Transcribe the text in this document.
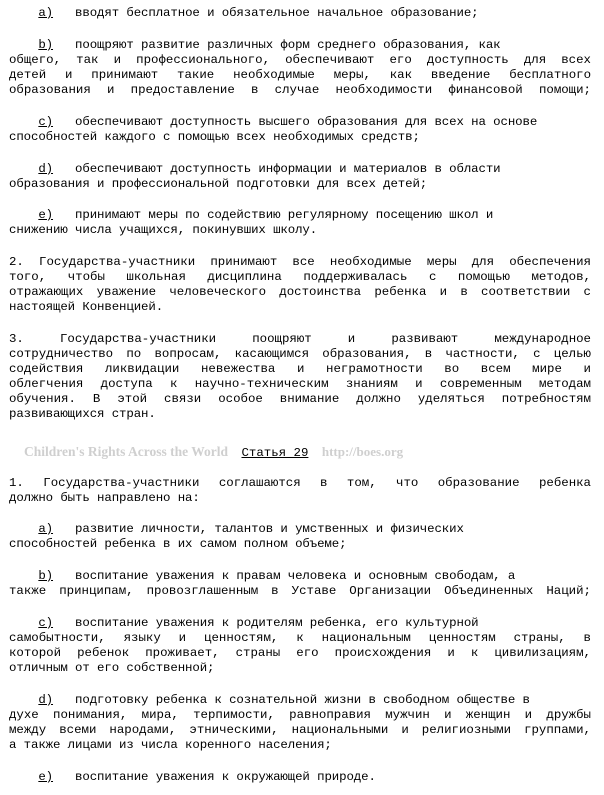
a) вводят бесплатное и обязательное начальное образование;
b) поощряют развитие различных форм среднего образования, как
общего, так и профессионального, обеспечивают его доступность для всех
детей и принимают такие необходимые меры, как введение бесплатного
образования и предоставление в случае необходимости финансовой помощи;
c) обеспечивают доступность высшего образования для всех на основе
способностей каждого с помощью всех необходимых средств;
d) обеспечивают доступность информации и материалов в области
образования и профессиональной подготовки для всех детей;
e) принимают меры по содействию регулярному посещению школ и
снижению числа учащихся, покинувших школу.
2. Государства-участники принимают все необходимые меры для обеспечения
того, чтобы школьная дисциплина поддерживалась с помощью методов,
отражающих уважение человеческого достоинства ребенка и в соответствии с
настоящей Конвенцией.
3. Государства-участники поощряют и развивают международное
сотрудничество по вопросам, касающимся образования, в частности, с целью
содействия ликвидации невежества и неграмотности во всем мире и
облегчения доступа к научно-техническим знаниям и современным методам
обучения. В этой связи особое внимание должно уделяться потребностям
развивающихся стран.
Children's Rights Across the World Статья 29 http://boes.org
1. Государства-участники соглашаются в том, что образование ребенка
должно быть направлено на:
a) развитие личности, талантов и умственных и физических
способностей ребенка в их самом полном объеме;
b) воспитание уважения к правам человека и основным свободам, а
также принципам, провозглашенным в Уставе Организации Объединенных Наций;
c) воспитание уважения к родителям ребенка, его культурной
самобытности, языку и ценностям, к национальным ценностям страны, в
которой ребенок проживает, страны его происхождения и к цивилизациям,
отличным от его собственной;
d) подготовку ребенка к сознательной жизни в свободном обществе в
духе понимания, мира, терпимости, равноправия мужчин и женщин и дружбы
между всеми народами, этническими, национальными и религиозными группами,
а также лицами из числа коренного населения;
e) воспитание уважения к окружающей природе.
